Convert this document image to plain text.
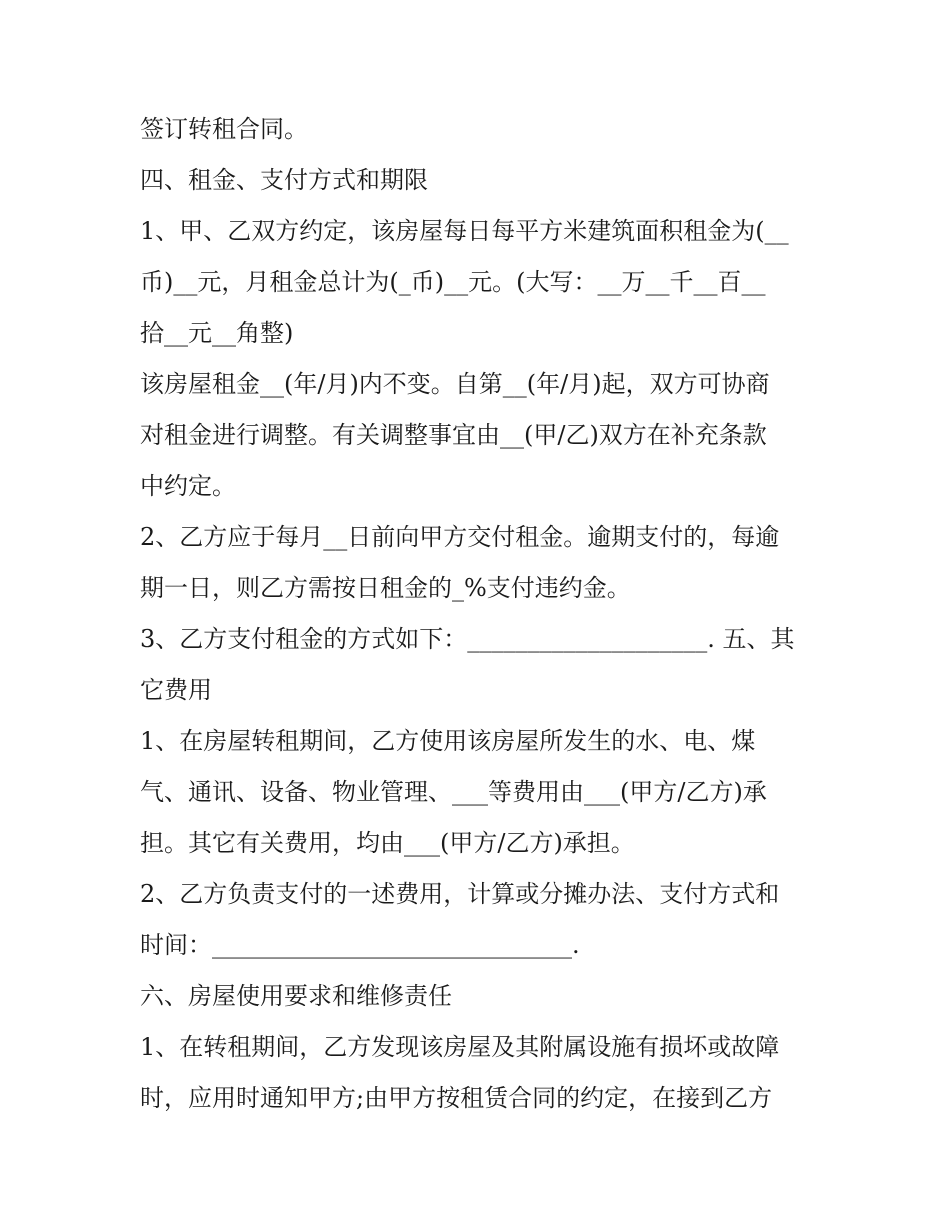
签订转租合同。
四、租金、支付方式和期限
1、甲、乙双方约定，该房屋每日每平方米建筑面积租金为(__
币)__元，月租金总计为(_币)__元。(大写：__万__千__百__
拾__元__角整)
该房屋租金__(年/月)内不变。自第__(年/月)起，双方可协商
对租金进行调整。有关调整事宜由__(甲/乙)双方在补充条款
中约定。
2、乙方应于每月__日前向甲方交付租金。逾期支付的，每逾
期一日，则乙方需按日租金的_%支付违约金。
3、乙方支付租金的方式如下：____________________. 五、其
它费用
1、在房屋转租期间，乙方使用该房屋所发生的水、电、煤
气、通讯、设备、物业管理、___等费用由___(甲方/乙方)承
担。其它有关费用，均由___(甲方/乙方)承担。
2、乙方负责支付的一述费用，计算或分摊办法、支付方式和
时间：______________________________.
六、房屋使用要求和维修责任
1、在转租期间，乙方发现该房屋及其附属设施有损坏或故障
时，应用时通知甲方;由甲方按租赁合同的约定，在接到乙方
